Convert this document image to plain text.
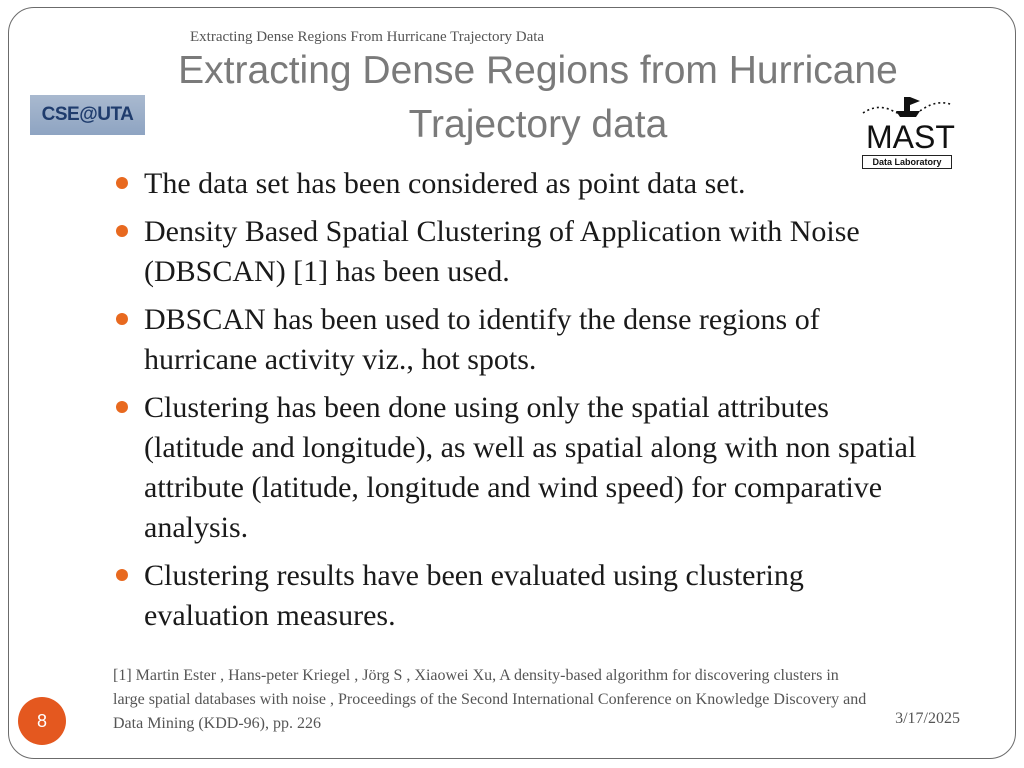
Extracting Dense Regions From Hurricane Trajectory Data
Extracting Dense Regions from Hurricane
Trajectory data
CSE@UTA
MAST
Data Laboratory
The data set has been considered as point data set.
Density Based Spatial Clustering of Application with Noise (DBSCAN) [1] has been used.
DBSCAN has been used to identify the dense regions of hurricane activity viz., hot spots.
Clustering has been done using only the spatial attributes (latitude and longitude), as well as spatial along with non spatial attribute (latitude, longitude and wind speed) for comparative analysis.
Clustering results have been evaluated using clustering evaluation measures.
[1] Martin Ester , Hans-peter Kriegel , Jörg S , Xiaowei Xu, A density-based algorithm for discovering clusters in large spatial databases with noise , Proceedings of the Second International Conference on Knowledge Discovery and Data Mining (KDD-96), pp. 226
8	3/17/2025
